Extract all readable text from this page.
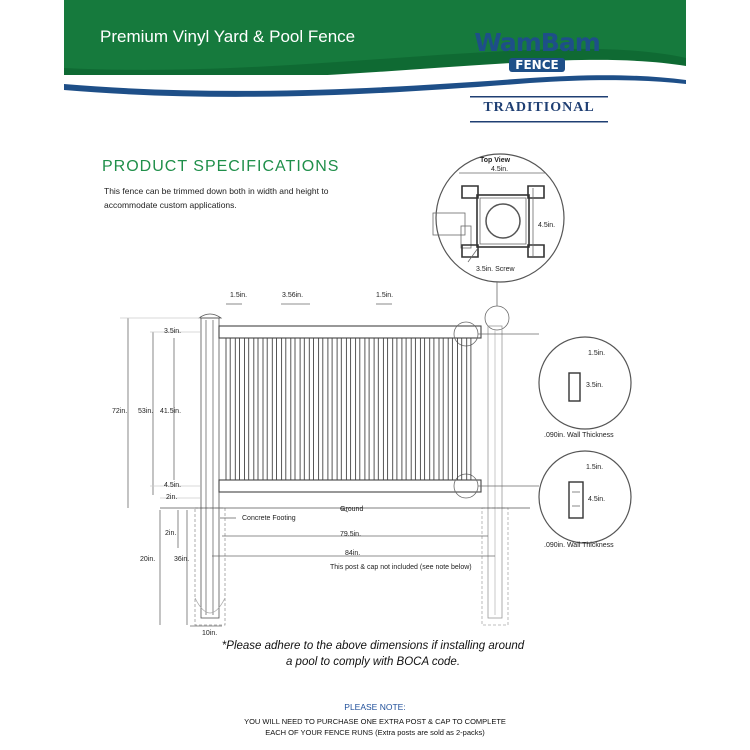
Premium Vinyl Yard & Pool Fence	WamBam
FENCE
TRADITIONAL
PRODUCT SPECIFICATIONS
This fence can be trimmed down both in width and height to accommodate custom applications.
Top View
4.5in.
4.5in.
3.5in. Screw
1.5in.	3.56in.	1.5in.
3.5in.
72in. 53in. 41.5in.
4.5in.
2in.
Ground
Concrete Footing
2in.	79.5in.
20in.	36in.
84in.
This post & cap not included (see note below)
10in.
1.5in.
3.5in.
.090in. Wall Thickness
1.5in.
4.5in.
.090in. Wall Thickness
*Please adhere to the above dimensions if installing around a pool to comply with BOCA code.
PLEASE NOTE:
YOU WILL NEED TO PURCHASE ONE EXTRA POST & CAP TO COMPLETE
EACH OF YOUR FENCE RUNS (Extra posts are sold as 2-packs)
